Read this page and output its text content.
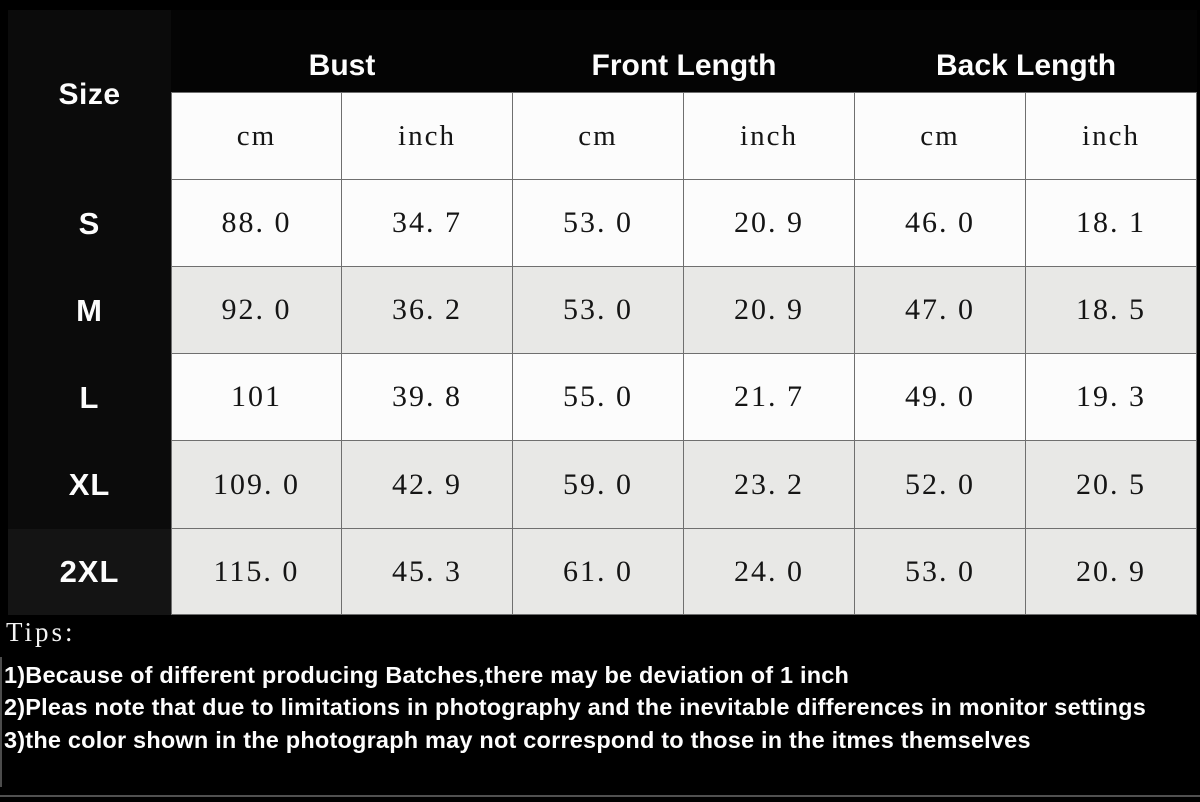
Size
Bust	Front Length	Back Length
cm	inch	cm	inch	cm	inch
S	88. 0	34. 7	53. 0	20. 9	46. 0	18. 1
M	92. 0	36. 2	53. 0	20. 9	47. 0	18. 5
L	101	39. 8	55. 0	21. 7	49. 0	19. 3
XL	109. 0	42. 9	59. 0	23. 2	52. 0	20. 5
2XL	115. 0	45. 3	61. 0	24. 0	53. 0	20. 9
Tips:
1)Because of different producing Batches,there may be deviation of 1 inch
2)Pleas note that due to limitations in photography and the inevitable differences in monitor settings
3)the color shown in the photograph may not correspond to those in the itmes themselves
